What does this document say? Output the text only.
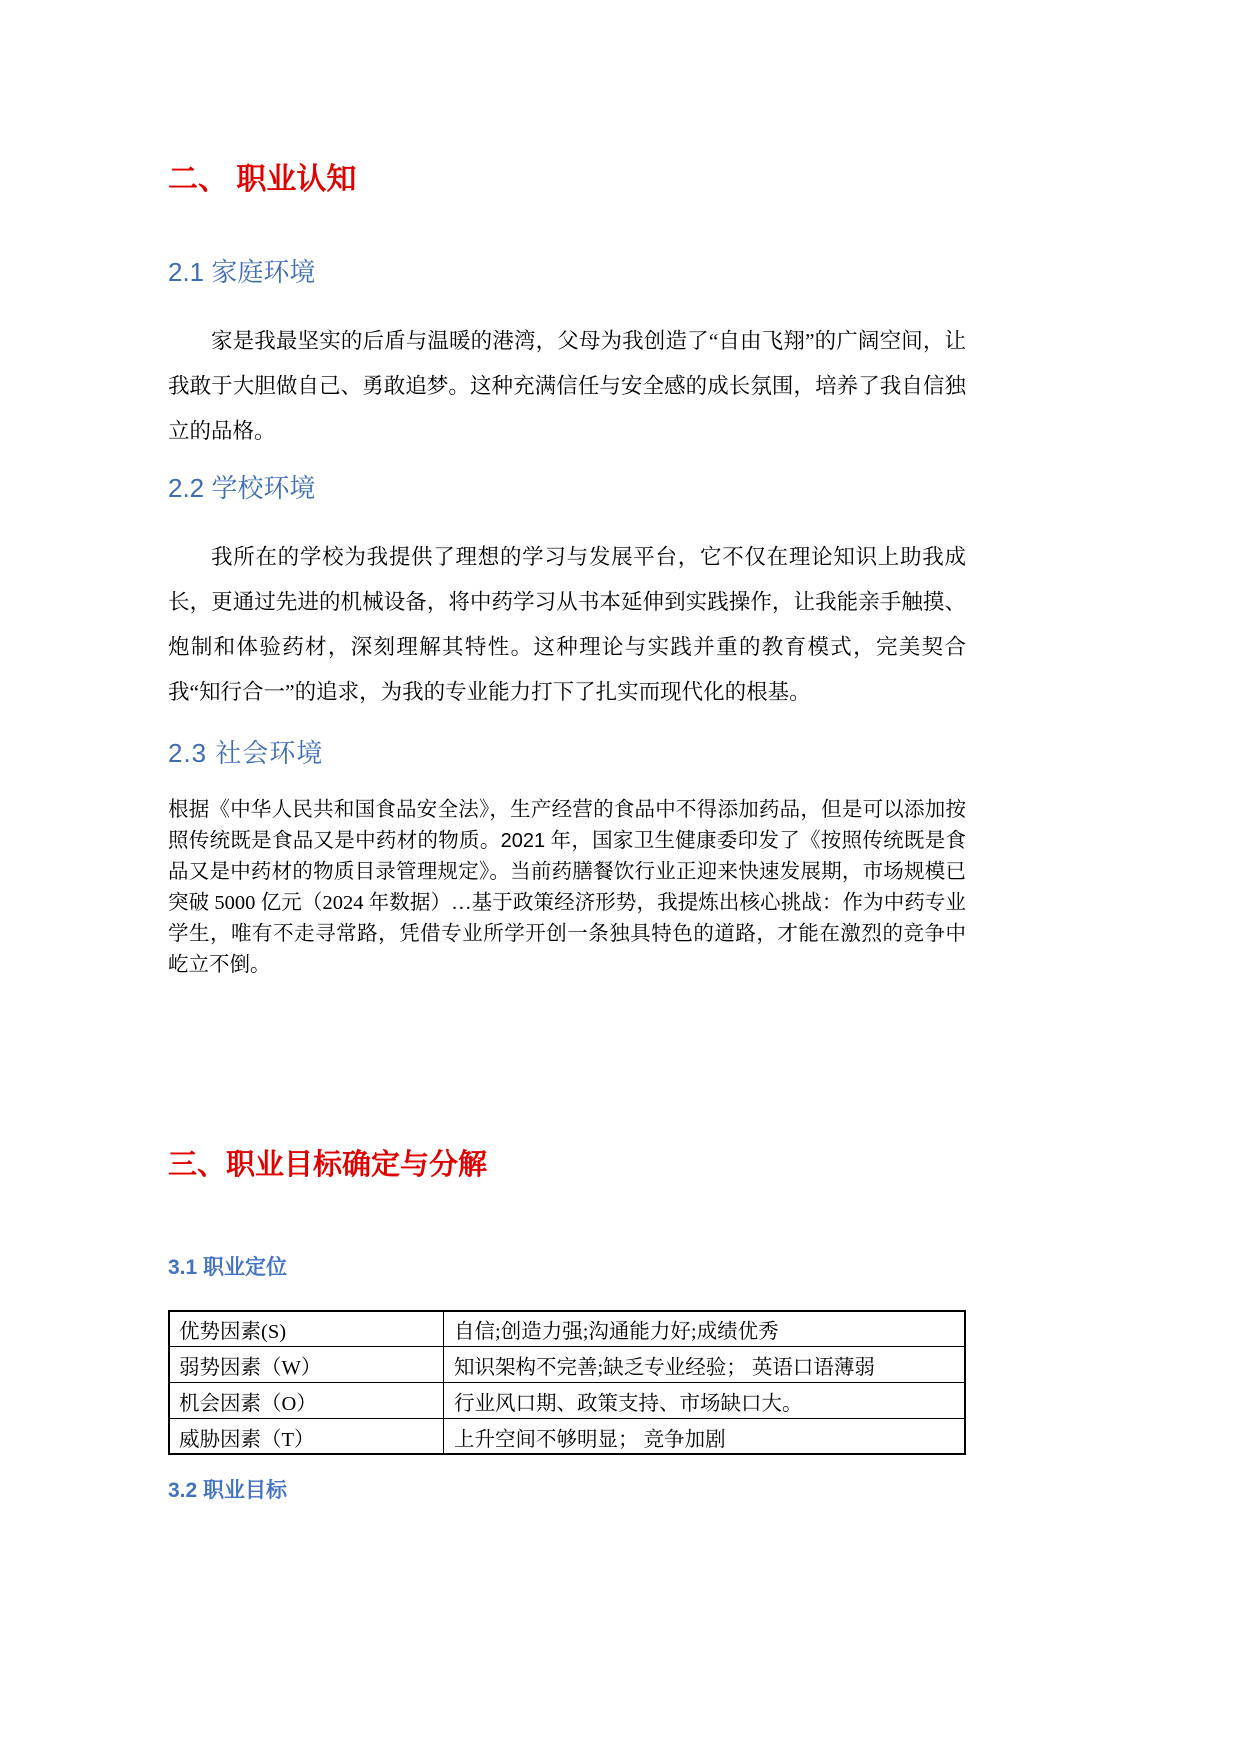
二、 职业认知
2.1 家庭环境

家是我最坚实的后盾与温暖的港湾，父母为我创造了“自由飞翔”的广阔空间，让我敢于大胆做自己、勇敢追梦。这种充满信任与安全感的成长氛围，培养了我自信独立的品格。

2.2 学校环境

我所在的学校为我提供了理想的学习与发展平台，它不仅在理论知识上助我成长，更通过先进的机械设备，将中药学习从书本延伸到实践操作，让我能亲手触摸、炮制和体验药材，深刻理解其特性。这种理论与实践并重的教育模式，完美契合我“知行合一”的追求，为我的专业能力打下了扎实而现代化的根基。

2.3 社会环境

根据《中华人民共和国食品安全法》，生产经营的食品中不得添加药品，但是可以添加按照传统既是食品又是中药材的物质。2021 年，国家卫生健康委印发了《按照传统既是食品又是中药材的物质目录管理规定》。当前药膳餐饮行业正迎来快速发展期，市场规模已突破 5000 亿元（2024 年数据）…基于政策经济形势，我提炼出核心挑战：作为中药专业学生，唯有不走寻常路，凭借专业所学开创一条独具特色的道路，才能在激烈的竞争中屹立不倒。

三、职业目标确定与分解
3.1 职业定位
优势因素(S)	自信;创造力强;沟通能力好;成绩优秀
弱势因素（W）	知识架构不完善;缺乏专业经验； 英语口语薄弱
机会因素（O）	行业风口期、政策支持、市场缺口大。
威胁因素（T）	上升空间不够明显； 竞争加剧
3.2 职业目标
